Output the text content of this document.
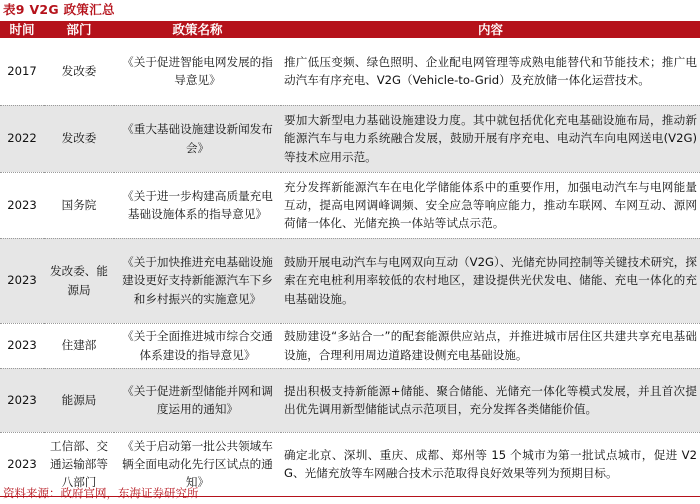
表9 V2G 政策汇总
时间	部门	政策名称	内容
2017	发改委	《关于促进智能电网发展的指导意见》	推广低压变频、绿色照明、企业配电网管理等成熟电能替代和节能技术；推广电动汽车有序充电、V2G（Vehicle-to-Grid）及充放储一体化运营技术。
2022	发改委	《重大基础设施建设新闻发布会》	要加大新型电力基础设施建设力度。其中就包括优化充电基础设施布局，推动新能源汽车与电力系统融合发展，鼓励开展有序充电、电动汽车向电网送电(V2G)等技术应用示范。
2023	国务院	《关于进一步构建高质量充电基础设施体系的指导意见》	充分发挥新能源汽车在电化学储能体系中的重要作用，加强电动汽车与电网能量互动，提高电网调峰调频、安全应急等响应能力，推动车联网、车网互动、源网荷储一体化、光储充换一体站等试点示范。
2023	发改委、能源局	《关于加快推进充电基础设施建设更好支持新能源汽车下乡和乡村振兴的实施意见》	鼓励开展电动汽车与电网双向互动（V2G）、光储充协同控制等关键技术研究，探索在充电桩利用率较低的农村地区，建设提供光伏发电、储能、充电一体化的充电基础设施。
2023	住建部	《关于全面推进城市综合交通体系建设的指导意见》	鼓励建设“多站合一”的配套能源供应站点，并推进城市居住区共建共享充电基础设施，合理利用周边道路建设侧充电基础设施。
2023	能源局	《关于促进新型储能并网和调度运用的通知》	提出积极支持新能源+储能、聚合储能、光储充一体化等模式发展，并且首次提出优先调用新型储能试点示范项目，充分发挥各类储能价值。
2023	工信部、交通运输部等八部门	《关于启动第一批公共领域车辆全面电动化先行区试点的通知》	确定北京、深圳、重庆、成都、郑州等 15 个城市为第一批试点城市，促进 V2G、光储充放等车网融合技术示范取得良好效果等列为预期目标。
资料来源：政府官网，东海证券研究所
